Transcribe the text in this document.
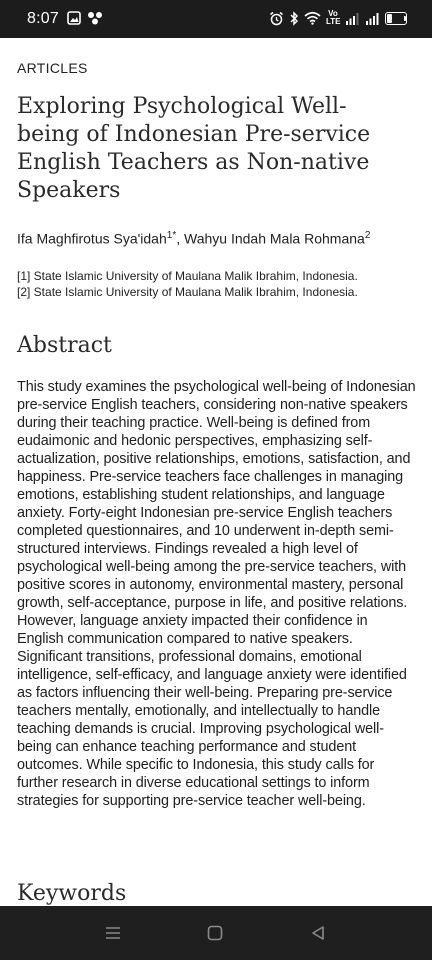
8:07	Vo
LTE	28
ARTICLES
Exploring Psychological Well-being of Indonesian Pre-service English Teachers as Non-native Speakers
Ifa Maghfirotus Sya'idah$^{1*}$, Wahyu Indah Mala Rohmana$^2$
[1] State Islamic University of Maulana Malik Ibrahim, Indonesia.
[2] State Islamic University of Maulana Malik Ibrahim, Indonesia.
Abstract

This study examines the psychological well-being of Indonesian pre-service English teachers, considering non-native speakers during their teaching practice. Well-being is defined from eudaimonic and hedonic perspectives, emphasizing self-actualization, positive relationships, emotions, satisfaction, and happiness. Pre-service teachers face challenges in managing emotions, establishing student relationships, and language anxiety. Forty-eight Indonesian pre-service English teachers completed questionnaires, and 10 underwent in-depth semi-structured interviews. Findings revealed a high level of psychological well-being among the pre-service teachers, with positive scores in autonomy, environmental mastery, personal growth, self-acceptance, purpose in life, and positive relations. However, language anxiety impacted their confidence in English communication compared to native speakers. Significant transitions, professional domains, emotional intelligence, self-efficacy, and language anxiety were identified as factors influencing their well-being. Preparing pre-service teachers mentally, emotionally, and intellectually to handle teaching demands is crucial. Improving psychological well-being can enhance teaching performance and student outcomes. While specific to Indonesia, this study calls for further research in diverse educational settings to inform strategies for supporting pre-service teacher well-being.

Keywords
